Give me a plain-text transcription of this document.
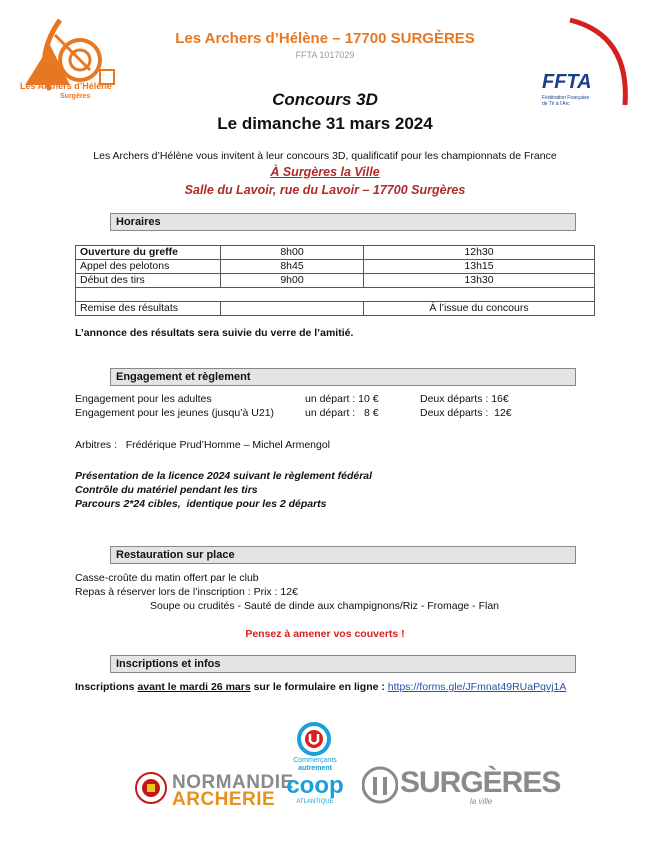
Les Archers d’Hélène
Surgères
FFTA
Fédération Française
de Tir à l’Arc
Les Archers d’Hélène – 17700 SURGÈRES
FFTA 1017029
Concours 3D
Le dimanche 31 mars 2024
Les Archers d’Hélène vous invitent à leur concours 3D, qualificatif pour les championnats de France
À Surgères la Ville
Salle du Lavoir, rue du Lavoir – 17700 Surgères
Horaires
Ouverture du greffe	8h00	12h30
Appel des pelotons	8h45	13h15
Début des tirs	9h00	13h30

Remise des résultats		À l’issue du concours
L’annonce des résultats sera suivie du verre de l’amitié.
Engagement et règlement
Engagement pour les adultes	un départ : 10 €	Deux départs : 16€
Engagement pour les jeunes (jusqu’à U21)	un départ :   8 €	Deux départs :  12€
Arbitres :   Frédérique Prud’Homme – Michel Armengol
Présentation de la licence 2024 suivant le règlement fédéral
Contrôle du matériel pendant les tirs
Parcours 2*24 cibles,  identique pour les 2 départs
Restauration sur place
Casse-croûte du matin offert par le club
Repas à réserver lors de l’inscription : Prix : 12€
Soupe ou crudités - Sauté de dinde aux champignons/Riz - Fromage - Flan
Pensez à amener vos couverts !
Inscriptions et infos
Inscriptions avant le mardi 26 mars sur le formulaire en ligne : https://forms.gle/JFmnat49RUaPqvj1A
NORMANDIE
ARCHERIE
Commerçants
autrement
coop
ATLANTIQUE
SURGÈRES
la ville
